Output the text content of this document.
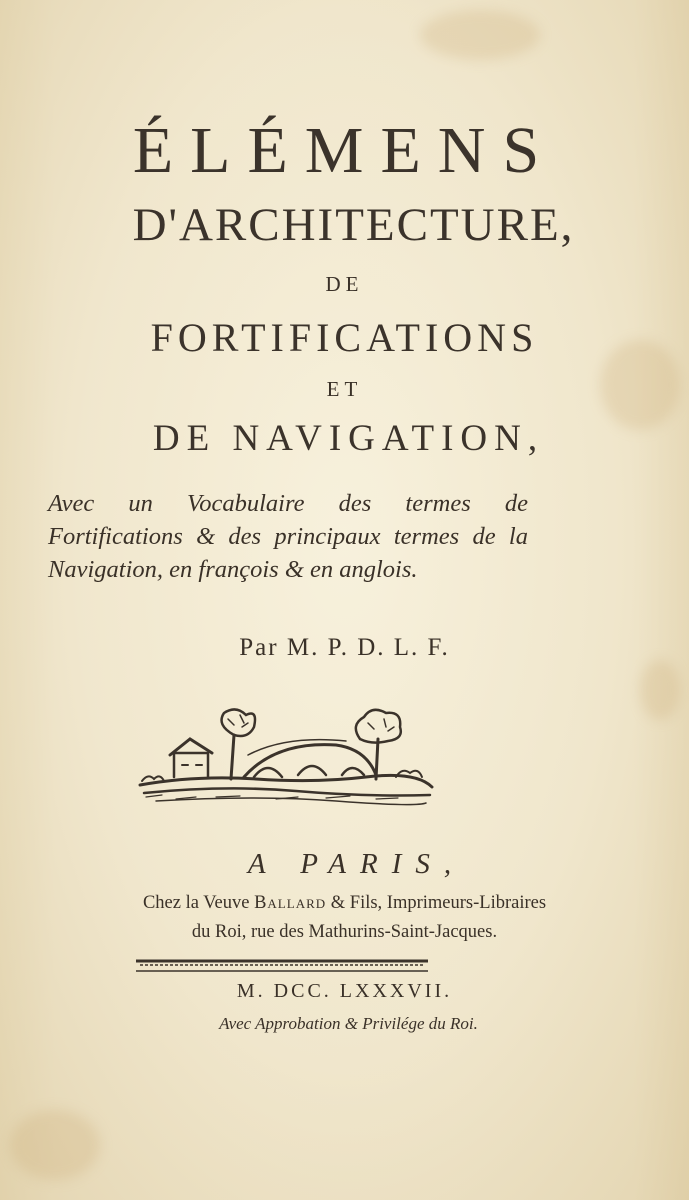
ÉLÉMENS
D'ARCHITECTURE,
DE
FORTIFICATIONS
ET
DE NAVIGATION,
Avec un Vocabulaire des termes de Fortifications & des principaux termes de la Navigation, en françois & en anglois.
Par M. P. D. L. F.
A PARIS,
Chez la Veuve Ballard & Fils, Imprimeurs-Libraires
du Roi, rue des Mathurins-Saint-Jacques.
M. DCC. LXXXVII.
Avec Approbation & Privilége du Roi.
